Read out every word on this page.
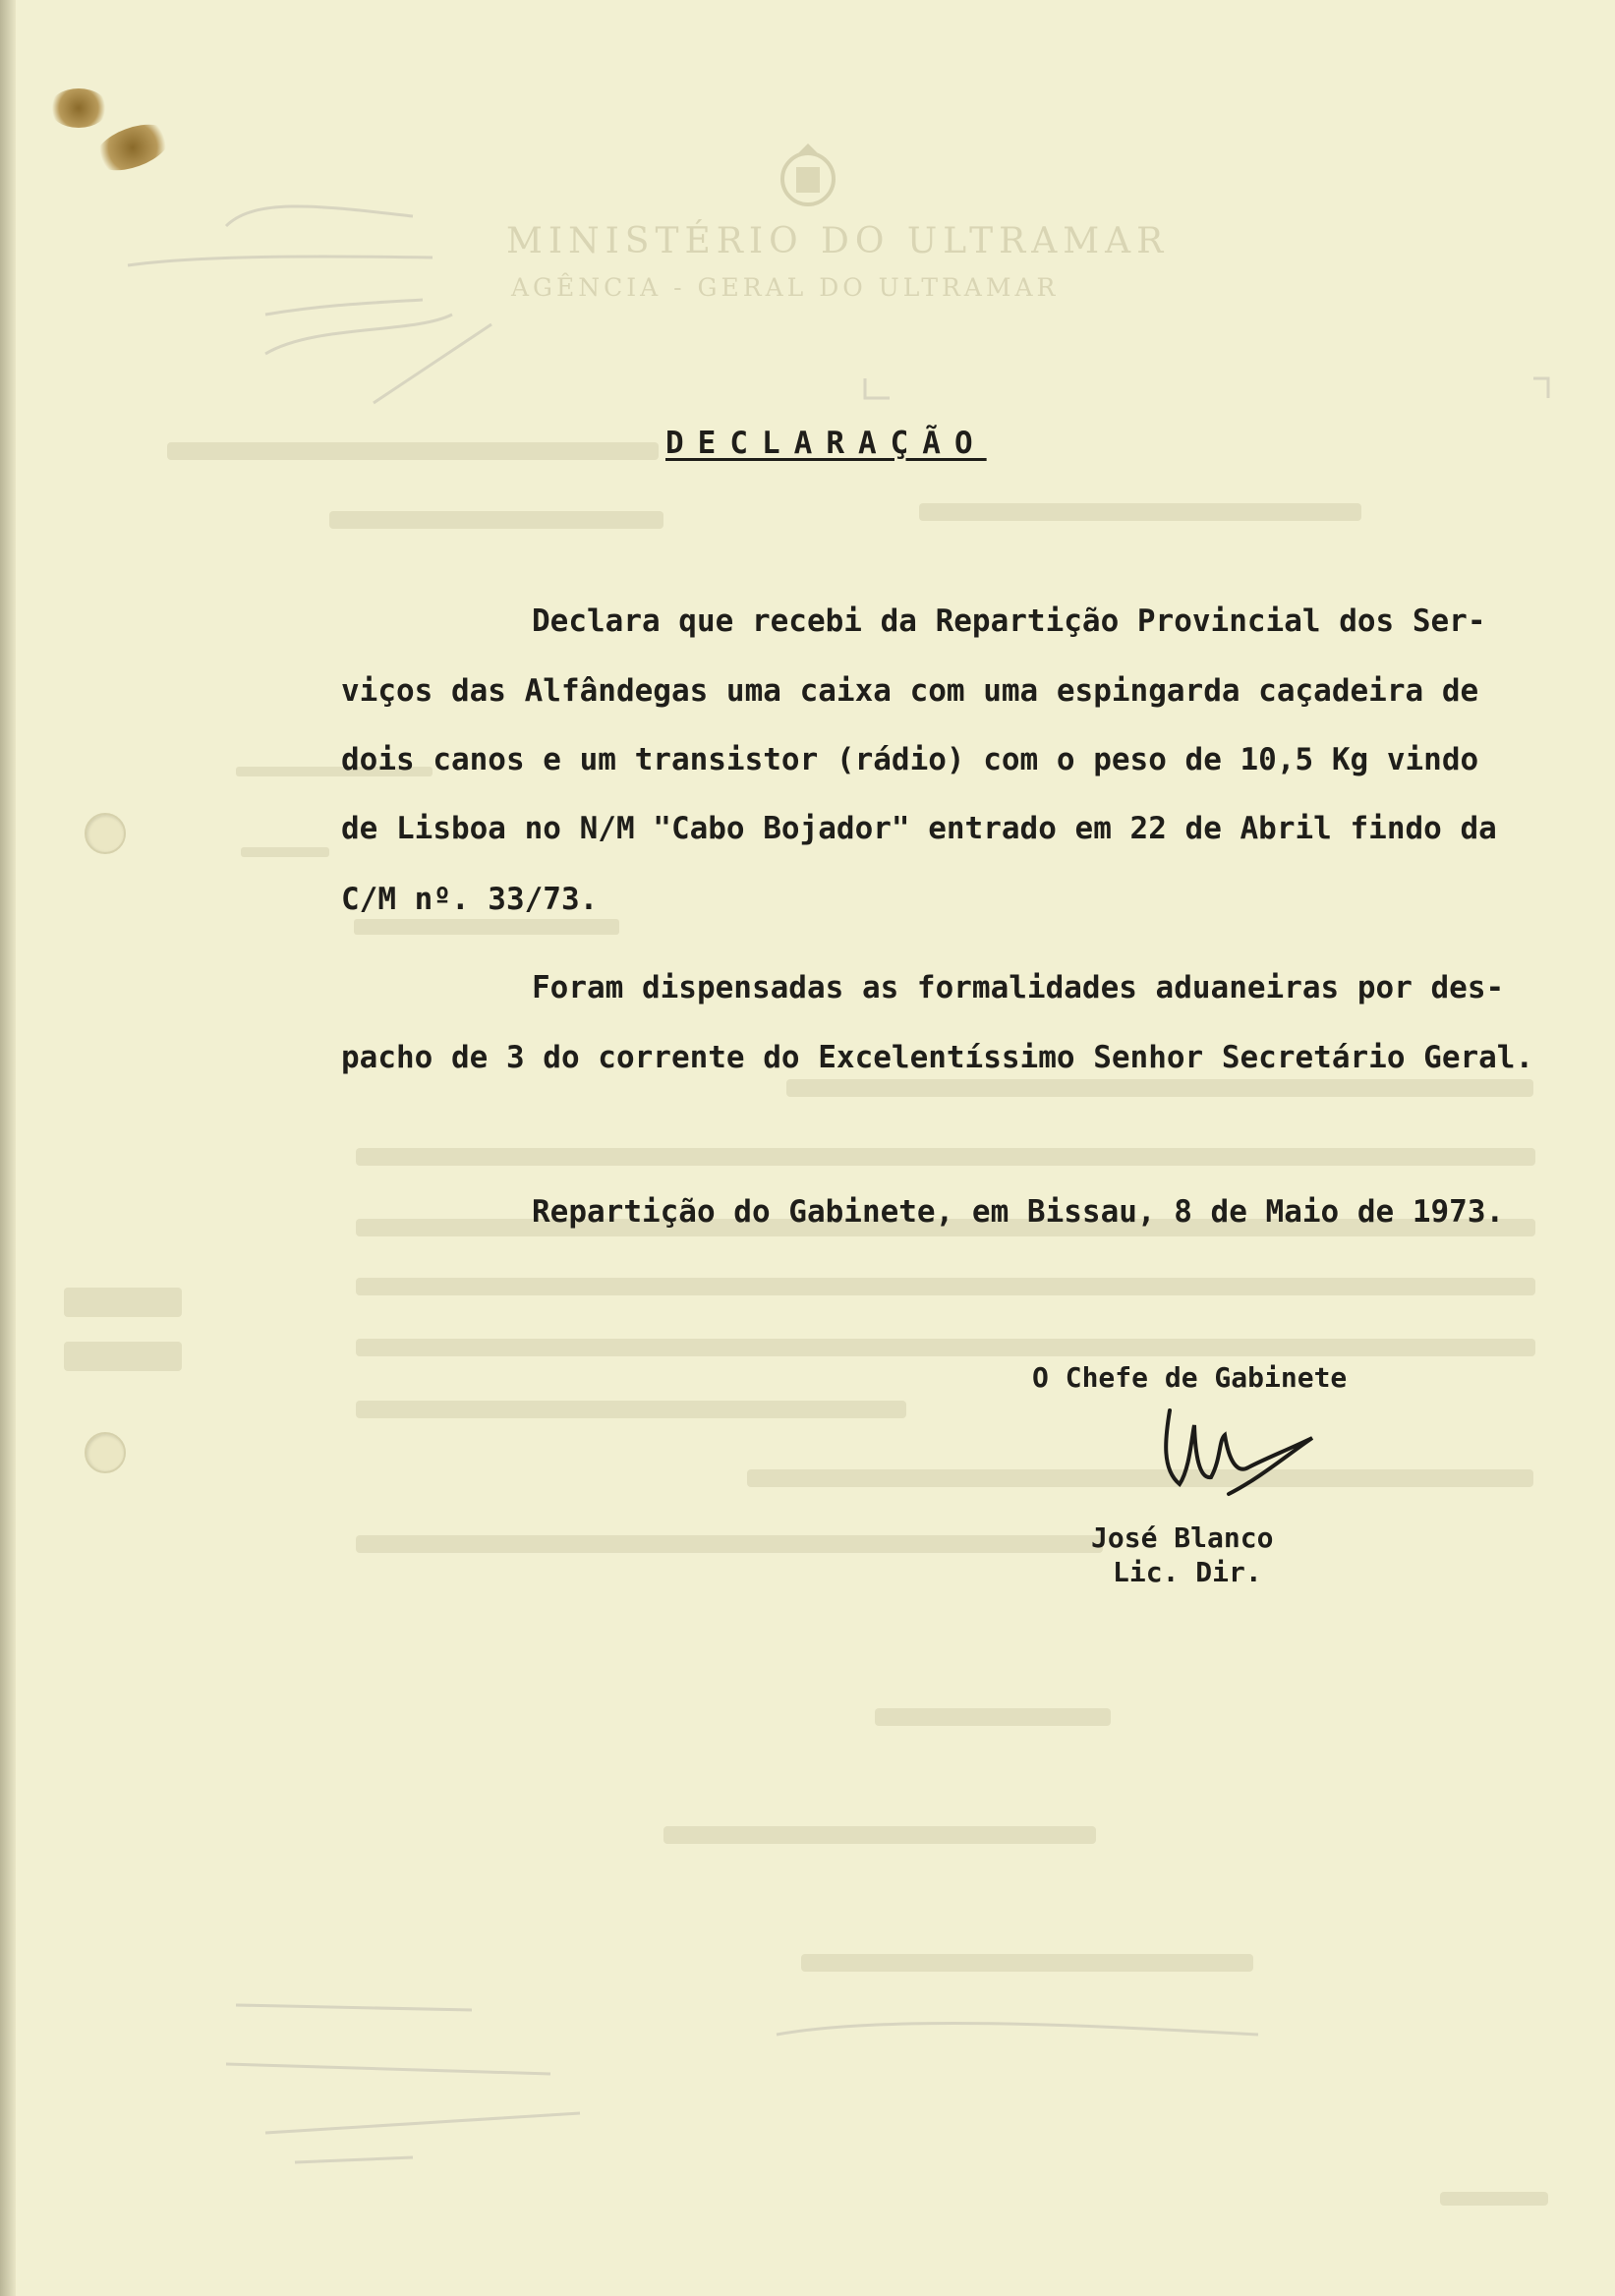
MINISTÉRIO DO ULTRAMAR
AGÊNCIA - GERAL DO ULTRAMAR
DECLARAÇÃO
Declara que recebi da Repartição Provincial dos Ser-
viços das Alfândegas uma caixa com uma espingarda caçadeira de
dois canos e um transistor (rádio) com o peso de 10,5 Kg vindo
de Lisboa no N/M "Cabo Bojador" entrado em 22 de Abril findo da
C/M nº. 33/73.
Foram dispensadas as formalidades aduaneiras por des-
pacho de 3 do corrente do Excelentíssimo Senhor Secretário Geral.
Repartição do Gabinete, em Bissau, 8 de Maio de 1973.
O Chefe de Gabinete
José Blanco
Lic. Dir.
